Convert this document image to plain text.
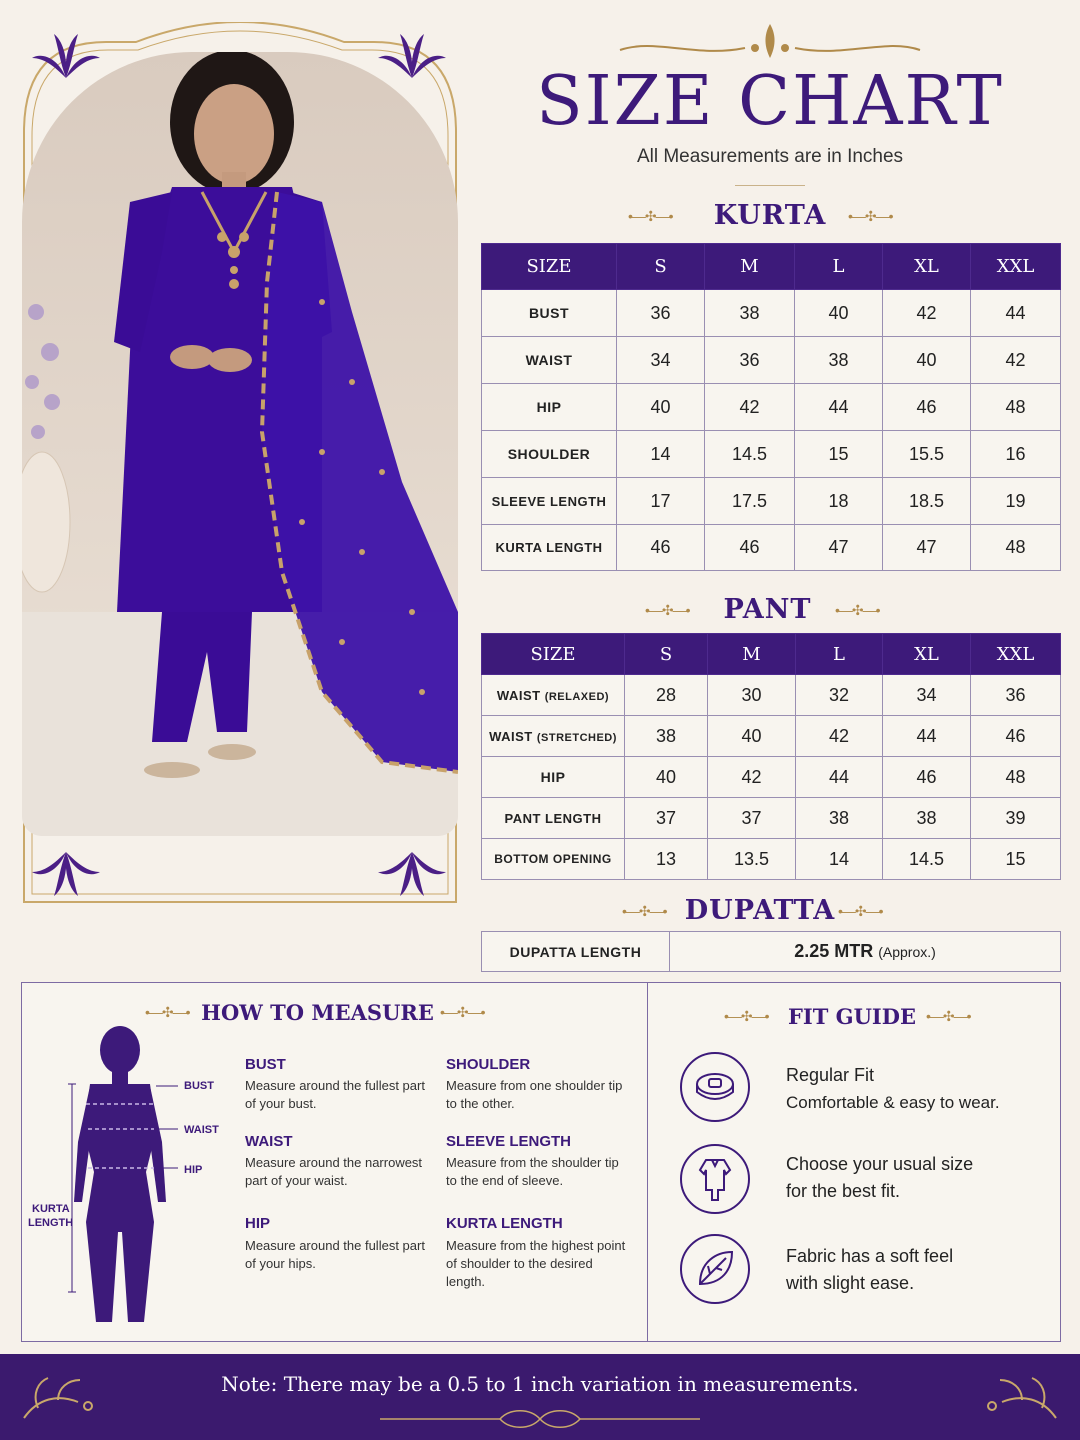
SIZE CHART
All Measurements are in Inches
•—✣—•	KURTA	•—✣—•
SIZE	S	M	L	XL	XXL
BUST	36	38	40	42	44
WAIST	34	36	38	40	42
HIP	40	42	44	46	48
SHOULDER	14	14.5	15	15.5	16
SLEEVE LENGTH	17	17.5	18	18.5	19
KURTA LENGTH	46	46	47	47	48
•—✣—•	PANT	•—✣—•
SIZE	S	M	L	XL	XXL
WAIST (RELAXED)	28	30	32	34	36
WAIST (STRETCHED)	38	40	42	44	46
HIP	40	42	44	46	48
PANT LENGTH	37	37	38	38	39
BOTTOM OPENING	13	13.5	14	14.5	15
•—✣—• DUPATTA •—✣—•
DUPATTA LENGTH	2.25 MTR (Approx.)
•—✣—• HOW TO MEASURE •—✣—•
BUST
WAIST
HIP
KURTA
LENGTH
BUST
Measure around the fullest part of your bust.
WAIST
Measure around the narrowest part of your waist.
HIP
Measure around the fullest part of your hips.
SHOULDER
Measure from one shoulder tip to the other.
SLEEVE LENGTH
Measure from the shoulder tip to the end of sleeve.
KURTA LENGTH
Measure from the highest point of shoulder to the desired length.
•—✣—• FIT GUIDE •—✣—•
Regular Fit
Comfortable & easy to wear.
Choose your usual size
for the best fit.
Fabric has a soft feel
with slight ease.
Note: There may be a 0.5 to 1 inch variation in measurements.
